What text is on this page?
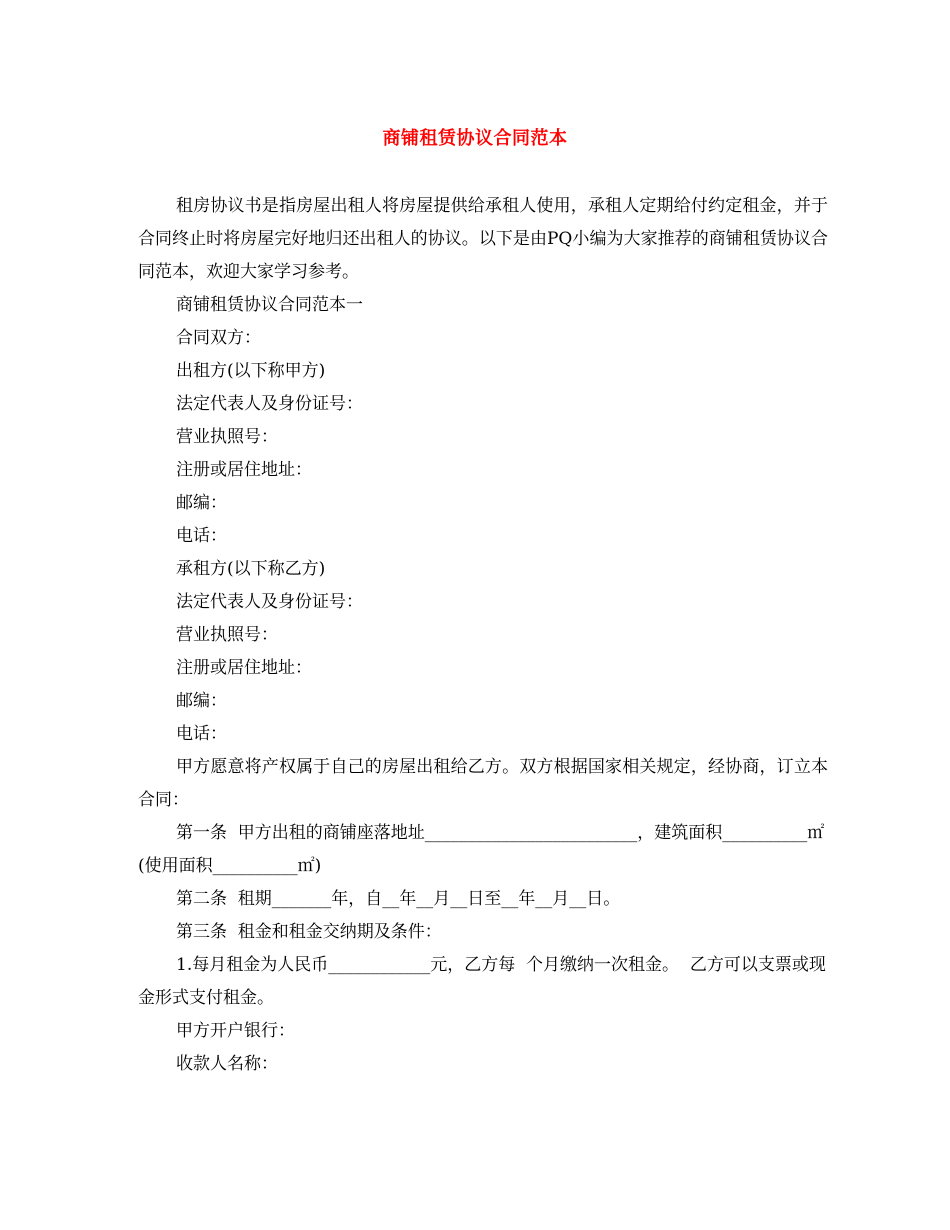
商铺租赁协议合同范本

租房协议书是指房屋出租人将房屋提供给承租人使用，承租人定期给付约定租金，并于合同终止时将房屋完好地归还出租人的协议。以下是由PQ小编为大家推荐的商铺租赁协议合同范本，欢迎大家学习参考。

商铺租赁协议合同范本一

合同双方：

出租方(以下称甲方)

法定代表人及身份证号：

营业执照号：

注册或居住地址：

邮编：

电话：

承租方(以下称乙方)

法定代表人及身份证号：

营业执照号：

注册或居住地址：

邮编：

电话：

甲方愿意将产权属于自己的房屋出租给乙方。双方根据国家相关规定，经协商，订立本合同：

第一条  甲方出租的商铺座落地址_________________________，建筑面积__________㎡(使用面积__________㎡)

第二条  租期_______年，自__年__月__日至__年__月__日。

第三条  租金和租金交纳期及条件：

1.每月租金为人民币____________元，乙方每  个月缴纳一次租金。  乙方可以支票或现金形式支付租金。

甲方开户银行：

收款人名称：
